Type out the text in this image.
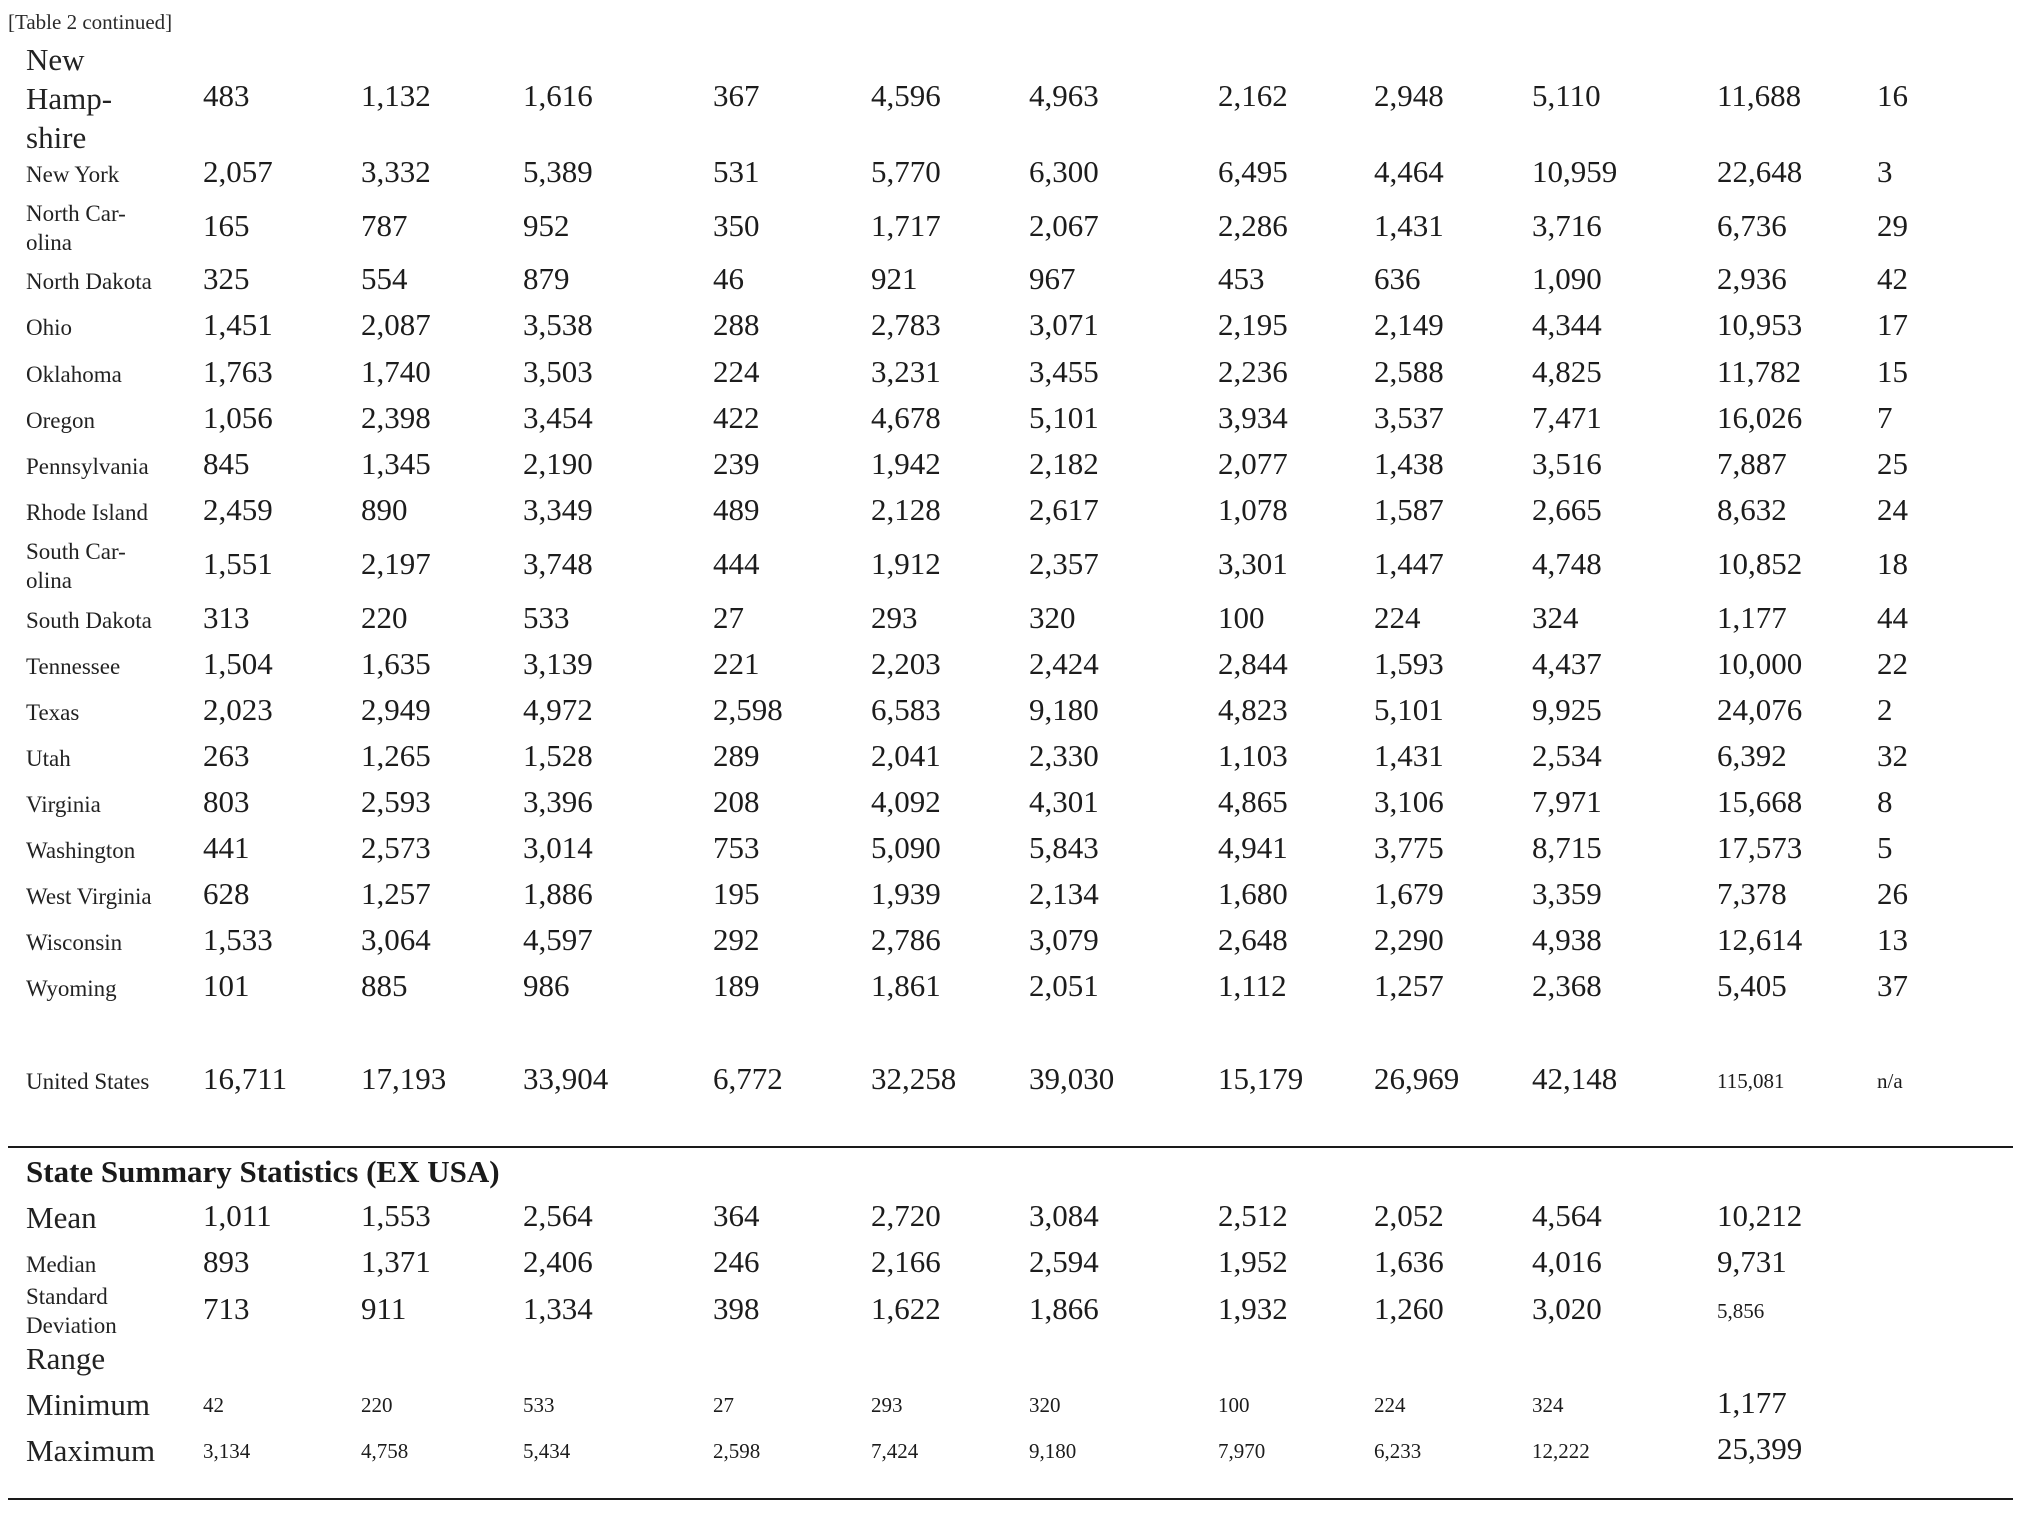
[Table 2 continued]
New
Hamp-
shire
483	1,132	1,616	367	4,596	4,963	2,162	2,948	5,110	11,688 16
New York	2,057	3,332	5,389	531	5,770	6,300	6,495	4,464	10,959	22,648 3
North Car-
olina	165	787	952	350	1,717	2,067	2,286	1,431	3,716	6,736	29
North Dakota 325	554	879	46	921	967	453	636	1,090	2,936	42
Ohio	1,451	2,087	3,538	288	2,783	3,071	2,195	2,149	4,344	10,953 17
Oklahoma	1,763	1,740	3,503	224	3,231	3,455	2,236	2,588	4,825	11,782 15
Oregon	1,056	2,398	3,454	422	4,678	5,101	3,934	3,537	7,471	16,026 7
Pennsylvania 845	1,345	2,190	239	1,942	2,182	2,077	1,438	3,516	7,887	25
Rhode Island 2,459	890	3,349	489	2,128	2,617	1,078	1,587	2,665	8,632	24
South Car-
olina	1,551	2,197	3,748	444	1,912	2,357	3,301	1,447	4,748	10,852 18
South Dakota 313	220	533	27	293	320	100	224	324	1,177	44
Tennessee	1,504	1,635	3,139	221	2,203	2,424	2,844	1,593	4,437	10,000 22
Texas	2,023	2,949	4,972	2,598	6,583	9,180	4,823	5,101	9,925	24,076 2
Utah	263	1,265	1,528	289	2,041	2,330	1,103	1,431	2,534	6,392	32
Virginia	803	2,593	3,396	208	4,092	4,301	4,865	3,106	7,971	15,668 8
Washington 441	2,573	3,014	753	5,090	5,843	4,941	3,775	8,715	17,573 5
West Virginia 628	1,257	1,886	195	1,939	2,134	1,680	1,679	3,359	7,378	26
Wisconsin	1,533	3,064	4,597	292	2,786	3,079	2,648	2,290	4,938	12,614 13
Wyoming	101	885	986	189	1,861	2,051	1,112	1,257	2,368	5,405	37
United States 16,711 17,193 33,904	6,772	32,258 39,030	15,179 26,969 42,148	115,081	n/a
State Summary Statistics (EX USA)
Mean	1,011	1,553	2,564	364	2,720	3,084	2,512	2,052	4,564	10,212
Median	893	1,371	2,406	246	2,166	2,594	1,952	1,636	4,016	9,731
Standard
Deviation	713	911	1,334	398	1,622	1,866	1,932	1,260	3,020	5,856
Range
Minimum	42	220	533	27	293	320	100	224	324	1,177
Maximum 3,134	4,758	5,434	2,598	7,424	9,180	7,970	6,233	12,222	25,399
